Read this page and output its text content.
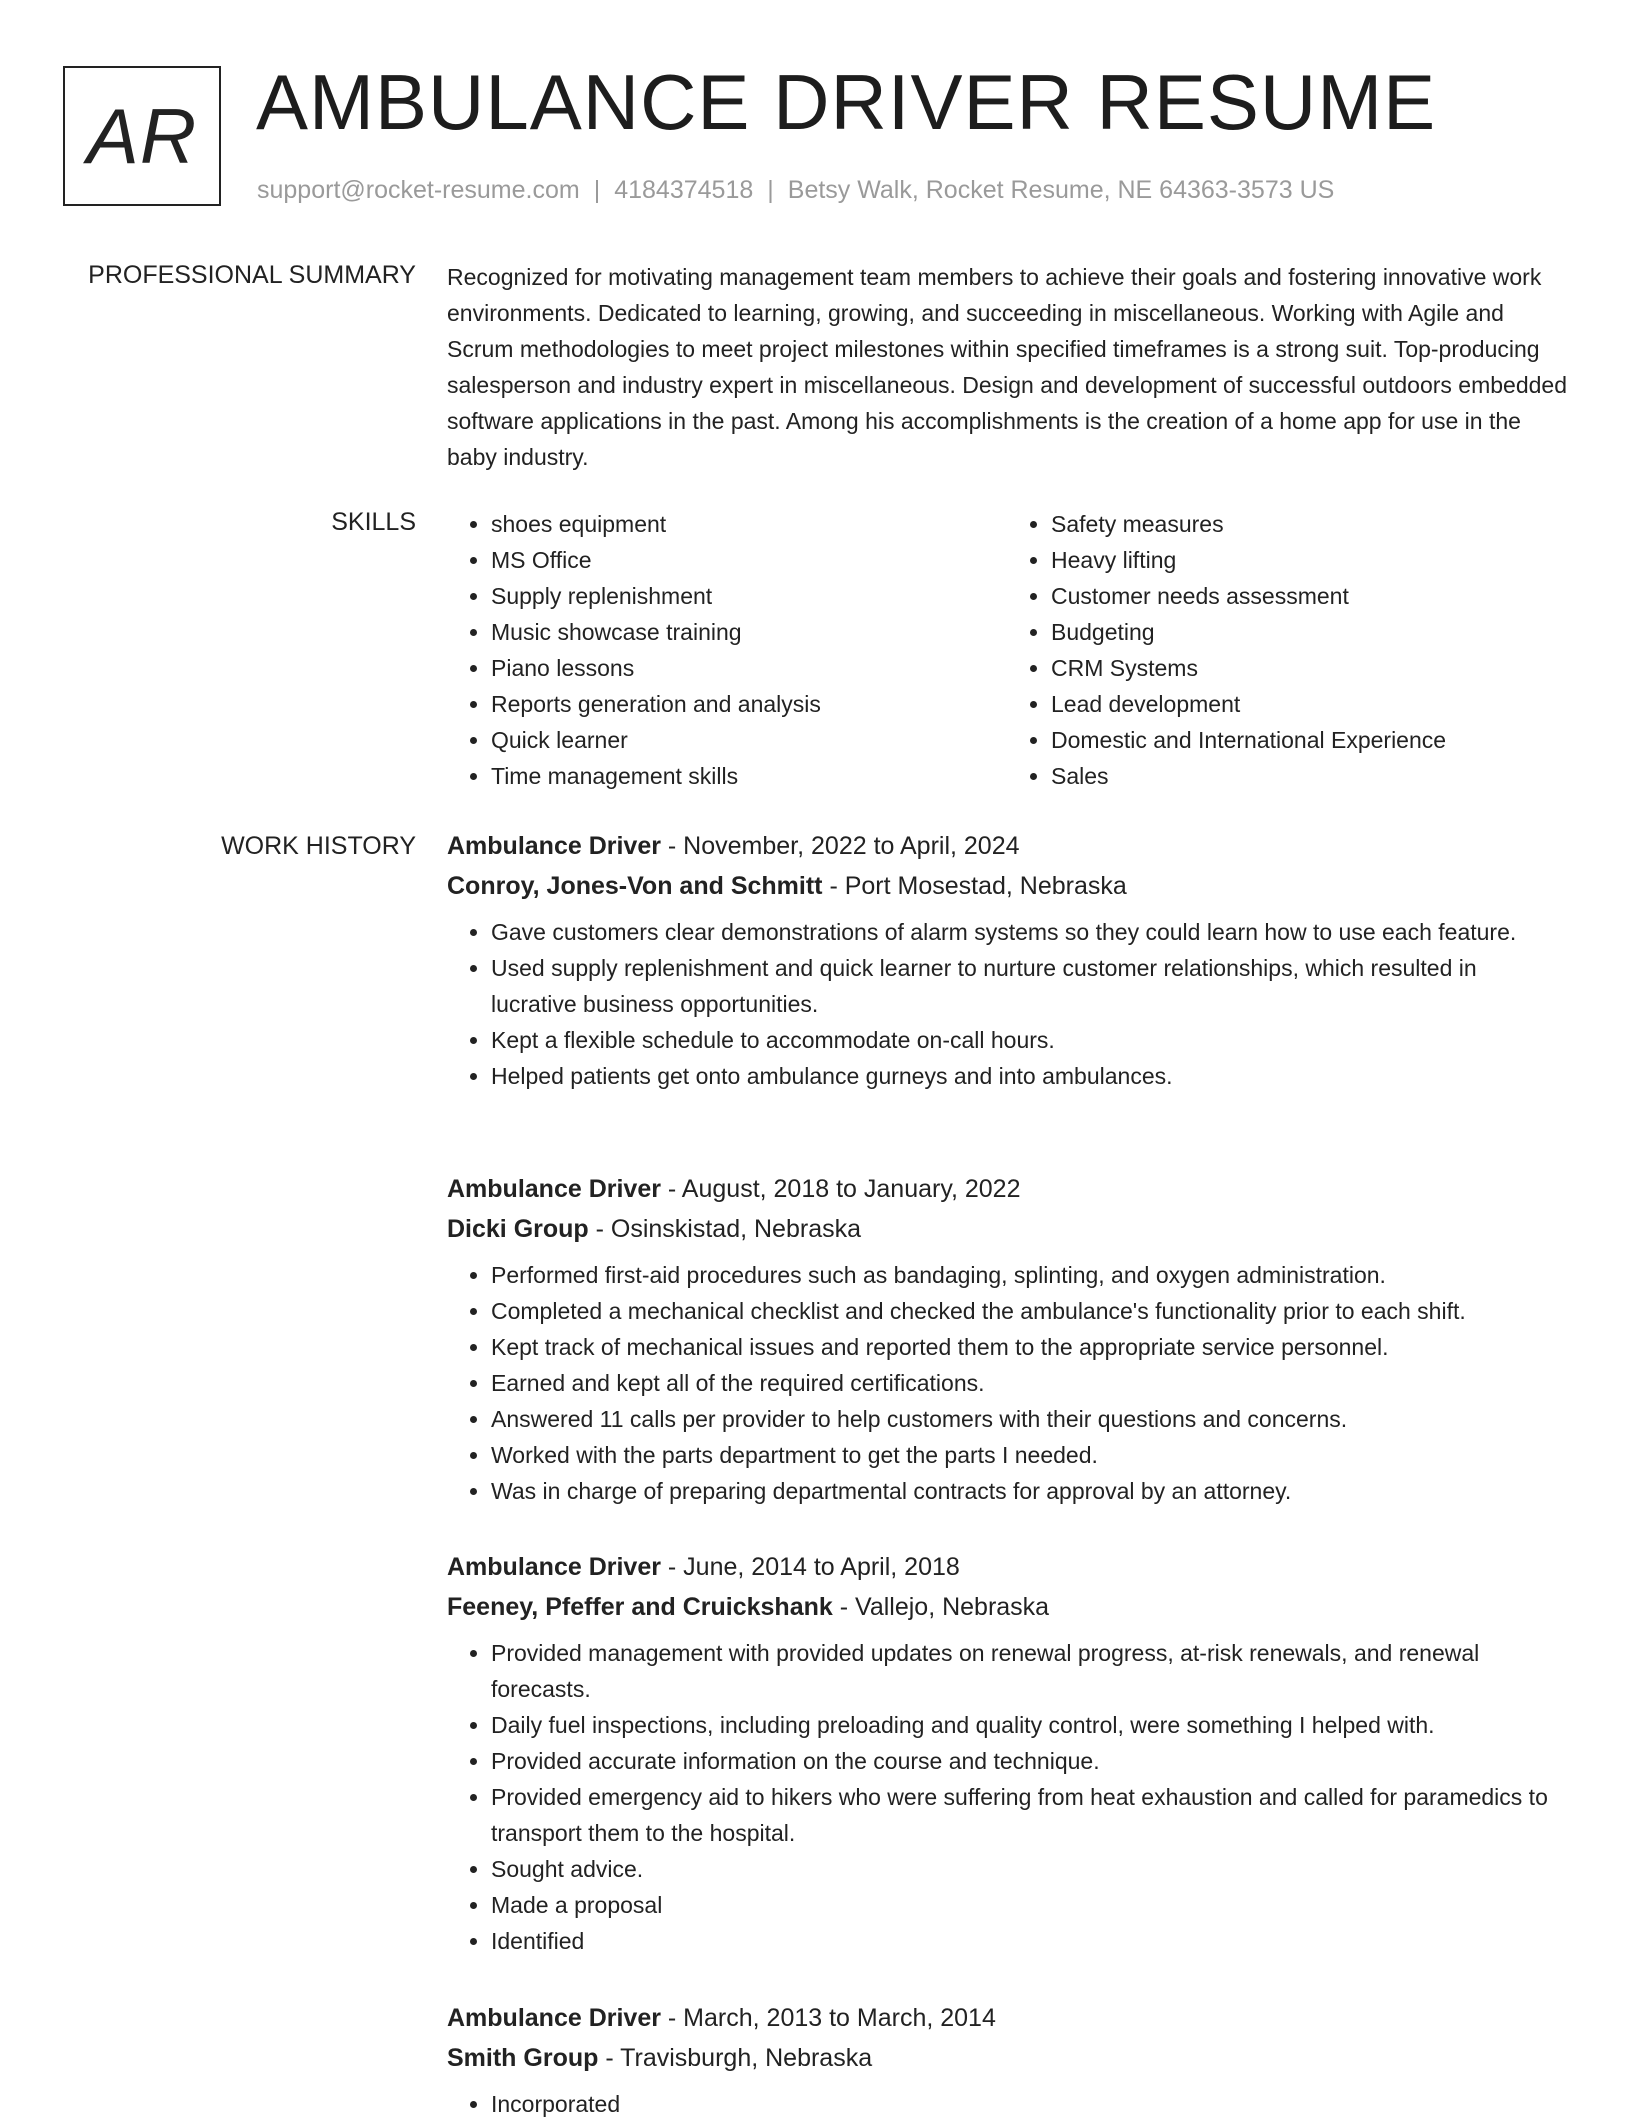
AR AMBULANCE DRIVER RESUME
support@rocket-resume.com | 4184374518 | Betsy Walk, Rocket Resume, NE 64363-3573 US
PROFESSIONAL SUMMARY Recognized for motivating management team members to achieve their goals and fostering innovative work environments. Dedicated to learning, growing, and succeeding in miscellaneous. Working with Agile and Scrum methodologies to meet project milestones within specified timeframes is a strong suit. Top-producing salesperson and industry expert in miscellaneous. Design and development of successful outdoors embedded software applications in the past. Among his accomplishments is the creation of a home app for use in the baby industry.
SKILLS
•	shoes equipment
• MS Office
• Supply replenishment
• Music showcase training
• Piano lessons
• Reports generation and analysis
• Quick learner
• Time management skills
• Safety measures
• Heavy lifting
• Customer needs assessment
• Budgeting
• CRM Systems
• Lead development
• Domestic and International Experience
• Sales
WORK HISTORY Ambulance Driver - November, 2022 to April, 2024
Conroy, Jones-Von and Schmitt - Port Mosestad, Nebraska
• Gave customers clear demonstrations of alarm systems so they could learn how to use each feature.
• Used supply replenishment and quick learner to nurture customer relationships, which resulted in lucrative business opportunities.
• Kept a flexible schedule to accommodate on-call hours.
• Helped patients get onto ambulance gurneys and into ambulances.
Ambulance Driver - August, 2018 to January, 2022
Dicki Group - Osinskistad, Nebraska
• Performed first-aid procedures such as bandaging, splinting, and oxygen administration.
• Completed a mechanical checklist and checked the ambulance's functionality prior to each shift.
• Kept track of mechanical issues and reported them to the appropriate service personnel.
• Earned and kept all of the required certifications.
• Answered 11 calls per provider to help customers with their questions and concerns.
• Worked with the parts department to get the parts I needed.
• Was in charge of preparing departmental contracts for approval by an attorney.
Ambulance Driver - June, 2014 to April, 2018
Feeney, Pfeffer and Cruickshank - Vallejo, Nebraska
• Provided management with provided updates on renewal progress, at-risk renewals, and renewal forecasts.
• Daily fuel inspections, including preloading and quality control, were something I helped with.
• Provided accurate information on the course and technique.
• Provided emergency aid to hikers who were suffering from heat exhaustion and called for paramedics to transport them to the hospital.
• Sought advice.
• Made a proposal
• Identified
Ambulance Driver - March, 2013 to March, 2014
Smith Group - Travisburgh, Nebraska
• Incorporated
